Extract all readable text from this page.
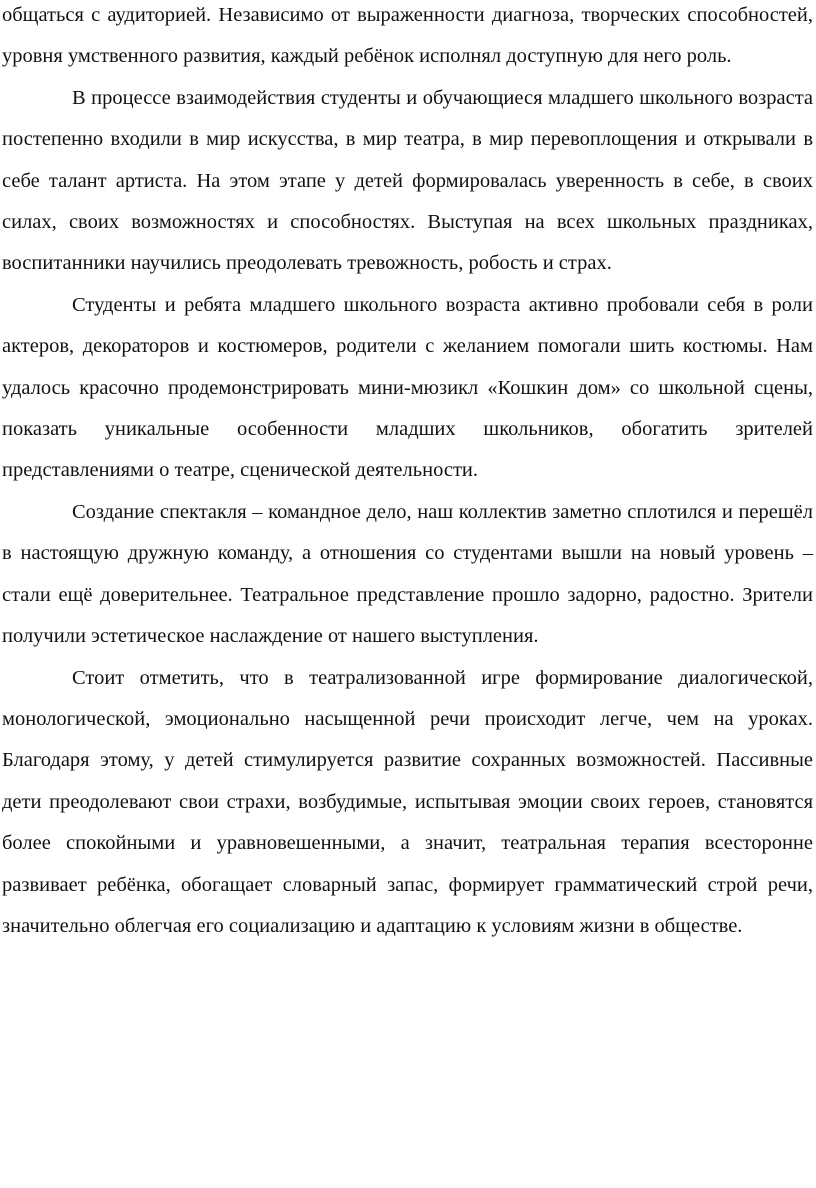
общаться с аудиторией. Независимо от выраженности диагноза, творческих способностей, уровня умственного развития, каждый ребёнок исполнял доступную для него роль.

В процессе взаимодействия студенты и обучающиеся младшего школьного возраста постепенно входили в мир искусства, в мир театра, в мир перевоплощения и открывали в себе талант артиста. На этом этапе у детей формировалась уверенность в себе, в своих силах, своих возможностях и способностях. Выступая на всех школьных праздниках, воспитанники научились преодолевать тревожность, робость и страх.

Студенты и ребята младшего школьного возраста активно пробовали себя в роли актеров, декораторов и костюмеров, родители с желанием помогали шить костюмы. Нам удалось красочно продемонстрировать мини-мюзикл «Кошкин дом» со школьной сцены, показать уникальные особенности младших школьников, обогатить зрителей представлениями о театре, сценической деятельности.

Создание спектакля – командное дело, наш коллектив заметно сплотился и перешёл в настоящую дружную команду, а отношения со студентами вышли на новый уровень – стали ещё доверительнее. Театральное представление прошло задорно, радостно. Зрители получили эстетическое наслаждение от нашего выступления.

Стоит отметить, что в театрализованной игре формирование диалогической, монологической, эмоционально насыщенной речи происходит легче, чем на уроках. Благодаря этому, у детей стимулируется развитие сохранных возможностей. Пассивные дети преодолевают свои страхи, возбудимые, испытывая эмоции своих героев, становятся более спокойными и уравновешенными, а значит, театральная терапия всесторонне развивает ребёнка, обогащает словарный запас, формирует грамматический строй речи, значительно облегчая его социализацию и адаптацию к условиям жизни в обществе.
